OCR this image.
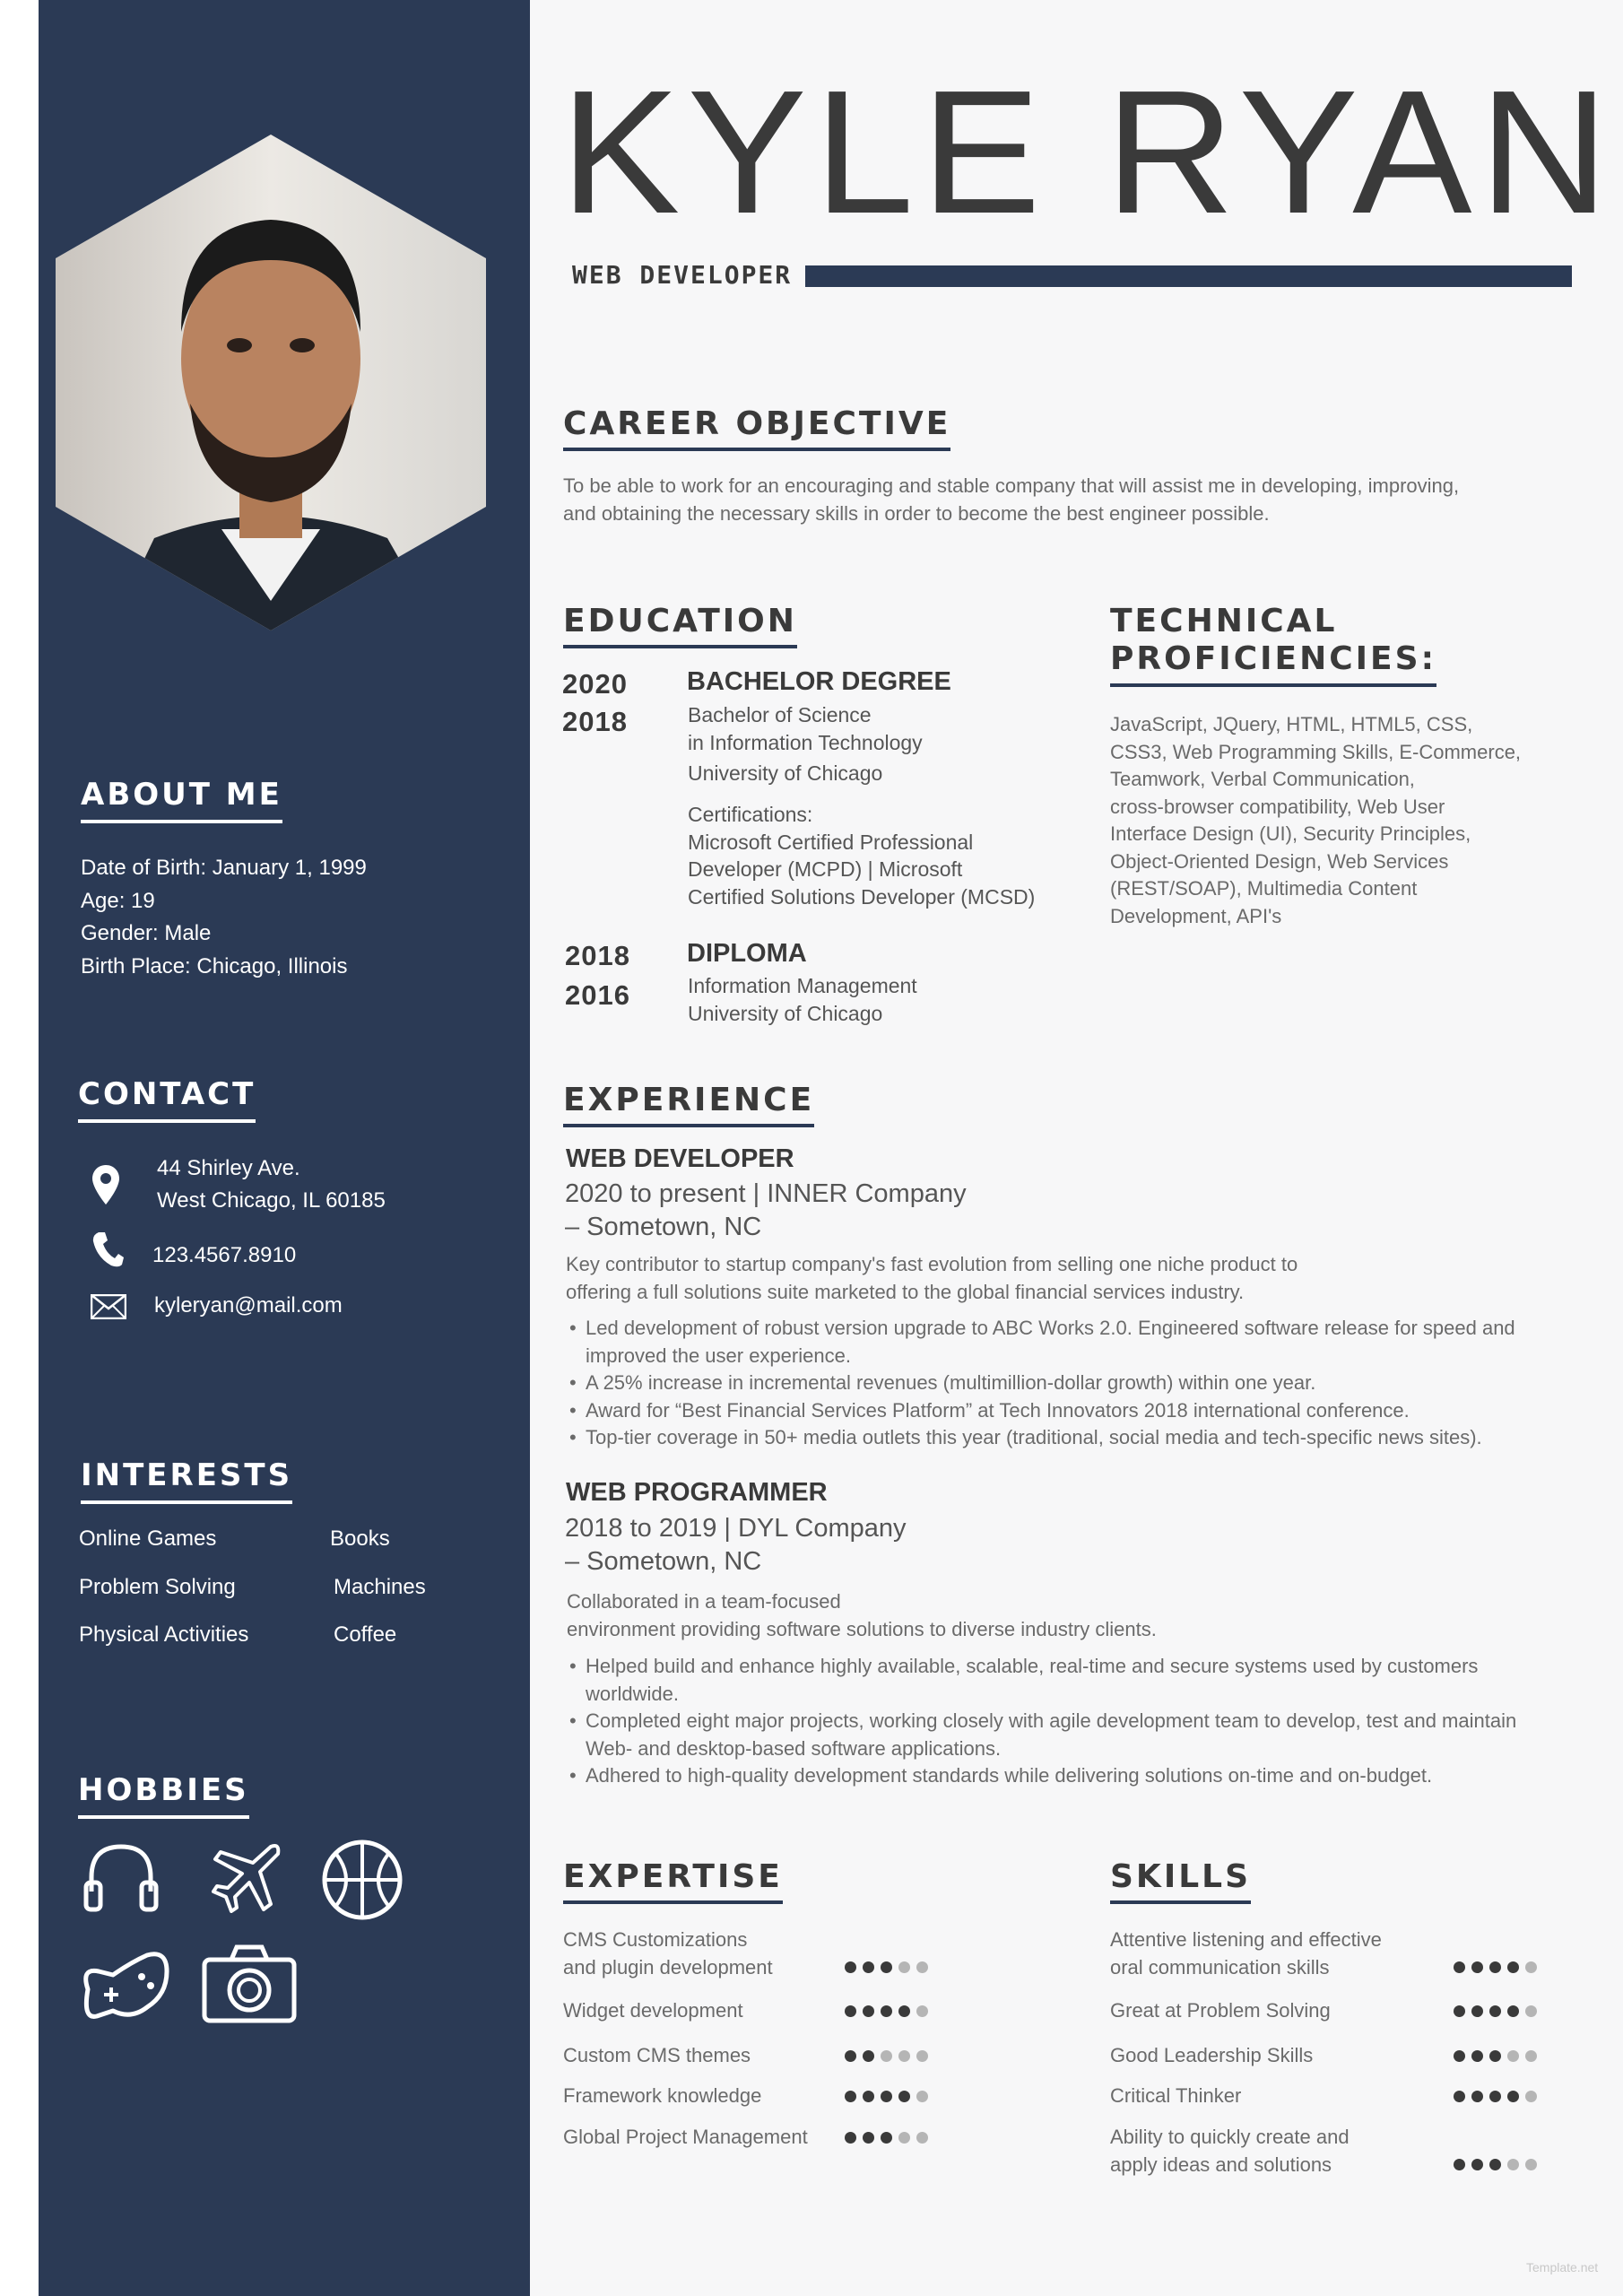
KYLE RYAN
WEB DEVELOPER
ABOUT ME
Date of Birth: January 1, 1999
Age: 19
Gender: Male
Birth Place: Chicago, Illinois
CONTACT
44 Shirley Ave.
West Chicago, IL 60185
123.4567.8910
kyleryan@mail.com
INTERESTS
Online Games	Books
Problem Solving	Machines
Physical Activities	Coffee
HOBBIES
CAREER OBJECTIVE
To be able to work for an encouraging and stable company that will assist me in developing, improving,
and obtaining the necessary skills in order to become the best engineer possible.
EDUCATION
2020
2018
BACHELOR DEGREE
Bachelor of Science
in Information Technology
University of Chicago
Certifications:
Microsoft Certified Professional
Developer (MCPD) | Microsoft
Certified Solutions Developer (MCSD)
2018
2016
DIPLOMA
Information Management
University of Chicago
TECHNICAL
PROFICIENCIES:
JavaScript, JQuery, HTML, HTML5, CSS,
CSS3, Web Programming Skills, E-Commerce,
Teamwork, Verbal Communication,
cross-browser compatibility, Web User
Interface Design (UI), Security Principles,
Object-Oriented Design, Web Services
(REST/SOAP), Multimedia Content
Development, API's
EXPERIENCE
WEB DEVELOPER
2020 to present | INNER Company
– Sometown, NC
Key contributor to startup company's fast evolution from selling one niche product to
offering a full solutions suite marketed to the global financial services industry.
• Led development of robust version upgrade to ABC Works 2.0. Engineered software release for speed and
improved the user experience.
• A 25% increase in incremental revenues (multimillion-dollar growth) within one year.
• Award for “Best Financial Services Platform” at Tech Innovators 2018 international conference.
• Top-tier coverage in 50+ media outlets this year (traditional, social media and tech-specific news sites).
WEB PROGRAMMER
2018 to 2019 | DYL Company
– Sometown, NC
Collaborated in a team-focused
environment providing software solutions to diverse industry clients.
• Helped build and enhance highly available, scalable, real-time and secure systems used by customers
worldwide.
• Completed eight major projects, working closely with agile development team to develop, test and maintain
Web- and desktop-based software applications.
• Adhered to high-quality development standards while delivering solutions on-time and on-budget.
EXPERTISE
CMS Customizations
and plugin development
Widget development
Custom CMS themes
Framework knowledge
Global Project Management
SKILLS
Attentive listening and effective
oral communication skills
Great at Problem Solving
Good Leadership Skills
Critical Thinker
Ability to quickly create and
apply ideas and solutions
Template.net
